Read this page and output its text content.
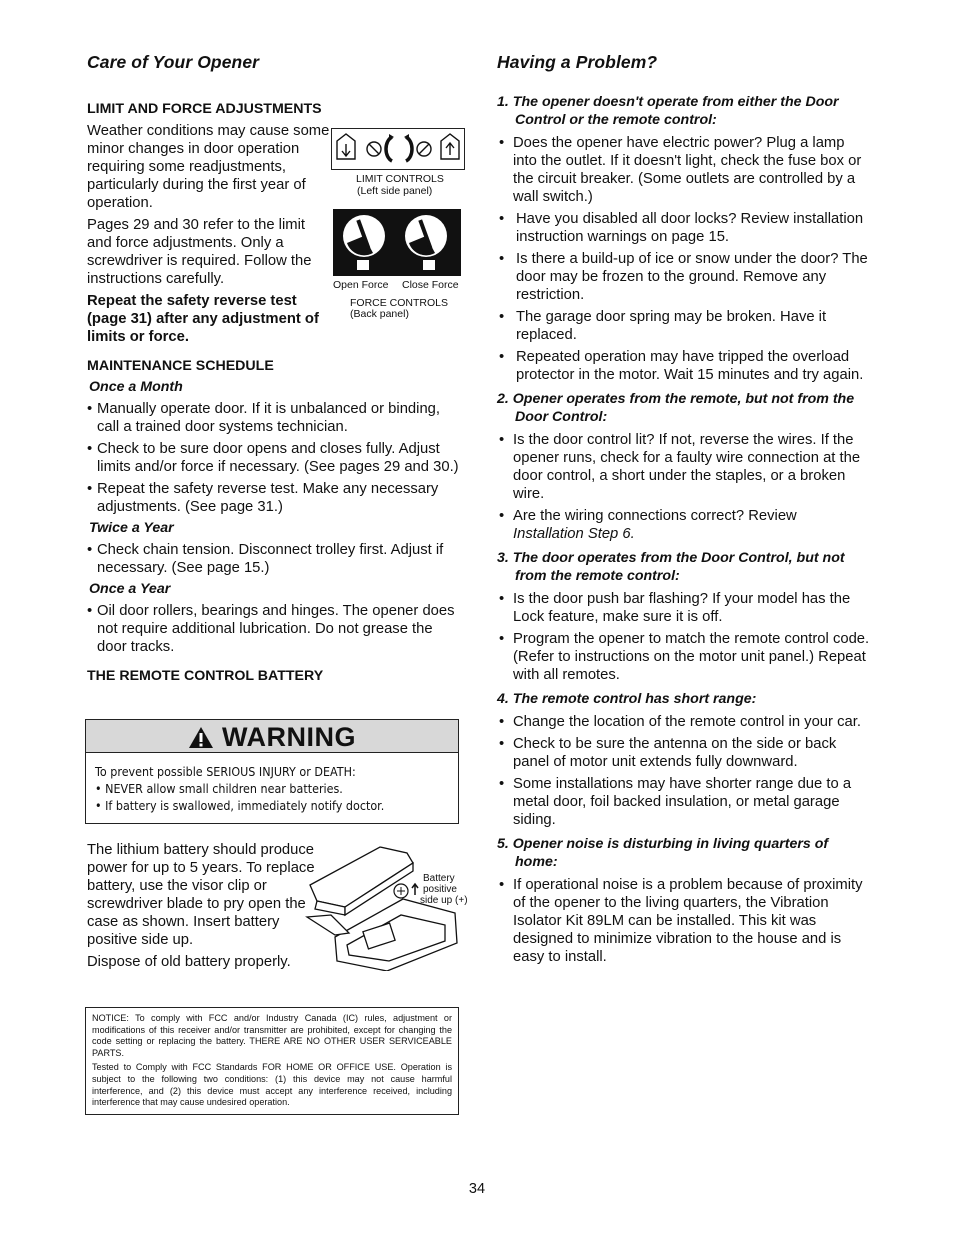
Care of Your Opener
LIMIT AND FORCE ADJUSTMENTS

Weather conditions may cause some minor changes in door operation requiring some readjustments, particularly during the first year of operation.

Pages 29 and 30 refer to the limit and force adjustments. Only a screwdriver is required. Follow the instructions carefully.

Repeat the safety reverse test (page 31) after any adjustment of limits or force.

MAINTENANCE SCHEDULE
Once a Month
• Manually operate door. If it is unbalanced or binding, call a trained door systems technician.
• Check to be sure door opens and closes fully. Adjust limits and/or force if necessary. (See pages 29 and 30.)
• Repeat the safety reverse test. Make any necessary adjustments. (See page 31.)
Twice a Year
• Check chain tension. Disconnect trolley first. Adjust if necessary. (See page 15.)
Once a Year
• Oil door rollers, bearings and hinges. The opener does not require additional lubrication. Do not grease the door tracks.
THE REMOTE CONTROL BATTERY
LIMIT CONTROLS
(Left side panel)
Open Force Close Force
FORCE CONTROLS
(Back panel)
WARNING
To prevent possible SERIOUS INJURY or DEATH:
• NEVER allow small children near batteries.
• If battery is swallowed, immediately notify doctor.

The lithium battery should produce power for up to 5 years. To replace battery, use the visor clip or screwdriver blade to pry open the case as shown. Insert battery positive side up.

Dispose of old battery properly.

Battery
positive
side up (+)

NOTICE: To comply with FCC and/or Industry Canada (IC) rules, adjustment or modifications of this receiver and/or transmitter are prohibited, except for changing the code setting or replacing the battery. THERE ARE NO OTHER USER SERVICEABLE PARTS.

Tested to Comply with FCC Standards FOR HOME OR OFFICE USE. Operation is subject to the following two conditions: (1) this device may not cause harmful interference, and (2) this device must accept any interference received, including interference that may cause undesired operation.

Having a Problem?
1. The opener doesn't operate from either the Door Control or the remote control:
• Does the opener have electric power? Plug a lamp into the outlet. If it doesn't light, check the fuse box or the circuit breaker. (Some outlets are controlled by a wall switch.)
• Have you disabled all door locks? Review installation instruction warnings on page 15.
• Is there a build-up of ice or snow under the door? The door may be frozen to the ground. Remove any restriction.
• The garage door spring may be broken. Have it replaced.
• Repeated operation may have tripped the overload protector in the motor. Wait 15 minutes and try again.
2. Opener operates from the remote, but not from the Door Control:
• Is the door control lit? If not, reverse the wires. If the opener runs, check for a faulty wire connection at the door control, a short under the staples, or a broken wire.
• Are the wiring connections correct? Review Installation Step 6.
3. The door operates from the Door Control, but not from the remote control:
• Is the door push bar flashing? If your model has the Lock feature, make sure it is off.
• Program the opener to match the remote control code. (Refer to instructions on the motor unit panel.) Repeat with all remotes.
4. The remote control has short range:
• Change the location of the remote control in your car.
• Check to be sure the antenna on the side or back panel of motor unit extends fully downward.
• Some installations may have shorter range due to a metal door, foil backed insulation, or metal garage siding.
5. Opener noise is disturbing in living quarters of home:
• If operational noise is a problem because of proximity of the opener to the living quarters, the Vibration Isolator Kit 89LM can be installed. This kit was designed to minimize vibration to the house and is easy to install.
34
